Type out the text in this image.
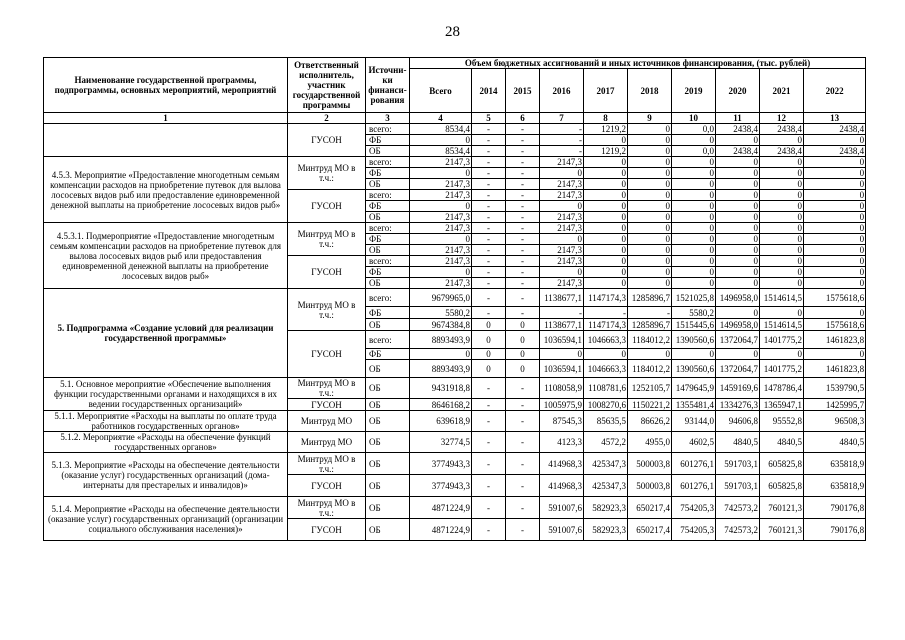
28
Наименование государственной программы, подпрограммы, основных мероприятий, мероприятий	Ответственный исполнитель, участник государственной программы	Источни-ки финанси-рования	Объем бюджетных ассигнований и иных источников финансирования, (тыс. рублей)									
			Всего	2014	2015	2016	2017	2018	2019	2020	2021	2022
1	2	3	4	5	6	7	8	9	10	11	12	13
	ГУСОН	всего:	8534,4	-	-	-	1219,2	0	0,0	2438,4	2438,4	2438,4
		ФБ	0	-	-	-	0	0	0	0	0	0
		ОБ	8534,4	-	-	-	1219,2	0	0,0	2438,4	2438,4	2438,4
4.5.3. Мероприятие «Предоставление многодетным семьям компенсации расходов на приобретение путевок для вылова лососевых видов рыб или предоставление единовременной денежной выплаты на приобретение лососевых видов рыб»	Минтруд МО в т.ч.:	всего:	2147,3	-	-	2147,3	0	0	0	0	0	0
		ФБ	0	-	-	0	0	0	0	0	0	0
		ОБ	2147,3	-	-	2147,3	0	0	0	0	0	0
	ГУСОН	всего:	2147,3	-	-	2147,3	0	0	0	0	0	0
		ФБ	0	-	-	0	0	0	0	0	0	0
		ОБ	2147,3	-	-	2147,3	0	0	0	0	0	0
4.5.3.1. Подмероприятие «Предоставление многодетным семьям компенсации расходов на приобретение путевок для вылова лососевых видов рыб или предоставления единовременной денежной выплаты на приобретение лососевых видов рыб»	Минтруд МО в т.ч.:	всего:	2147,3	-	-	2147,3	0	0	0	0	0	0
		ФБ	0	-	-	0	0	0	0	0	0	0
		ОБ	2147,3	-	-	2147,3	0	0	0	0	0	0
	ГУСОН	всего:	2147,3	-	-	2147,3	0	0	0	0	0	0
		ФБ	0	-	-	0	0	0	0	0	0	0
		ОБ	2147,3	-	-	2147,3	0	0	0	0	0	0
5. Подпрограмма «Создание условий для реализации государственной программы»	Минтруд МО в т.ч.:	всего:	9679965,0	-	-	1138677,1	1147174,3	1285896,7	1521025,8	1496958,0	1514614,5	1575618,6
		ФБ	5580,2	-	-	-	-	-	5580,2	0	0	0
		ОБ	9674384,8	0	0	1138677,1	1147174,3	1285896,7	1515445,6	1496958,0	1514614,5	1575618,6
	ГУСОН	всего:	8893493,9	0	0	1036594,1	1046663,3	1184012,2	1390560,6	1372064,7	1401775,2	1461823,8
		ФБ	0	0	0	0	0	0	0	0	0	0
		ОБ	8893493,9	0	0	1036594,1	1046663,3	1184012,2	1390560,6	1372064,7	1401775,2	1461823,8
5.1. Основное мероприятие «Обеспечение выполнения функции государственными органами и находящихся в их ведении государственных организаций»	Минтруд МО в т.ч.:	ОБ	9431918,8	-	-	1108058,9	1108781,6	1252105,7	1479645,9	1459169,6	1478786,4	1539790,5
	ГУСОН	ОБ	8646168,2	-	-	1005975,9	1008270,6	1150221,2	1355481,4	1334276,3	1365947,1	1425995,7
5.1.1. Мероприятие «Расходы на выплаты по оплате труда работников государственных органов»	Минтруд МО	ОБ	639618,9	-	-	87545,3	85635,5	86626,2	93144,0	94606,8	95552,8	96508,3
5.1.2. Мероприятие «Расходы на обеспечение функций государственных органов»	Минтруд МО	ОБ	32774,5	-	-	4123,3	4572,2	4955,0	4602,5	4840,5	4840,5	4840,5
5.1.3. Мероприятие «Расходы на обеспечение деятельности (оказание услуг) государственных организаций (дома-интернаты для престарелых и инвалидов)»	Минтруд МО в т.ч.:	ОБ	3774943,3	-	-	414968,3	425347,3	500003,8	601276,1	591703,1	605825,8	635818,9
	ГУСОН	ОБ	3774943,3	-	-	414968,3	425347,3	500003,8	601276,1	591703,1	605825,8	635818,9
5.1.4. Мероприятие «Расходы на обеспечение деятельности (оказание услуг) государственных организаций (организации социального обслуживания населения)»	Минтруд МО в т.ч.:	ОБ	4871224,9	-	-	591007,6	582923,3	650217,4	754205,3	742573,2	760121,3	790176,8
	ГУСОН	ОБ	4871224,9	-	-	591007,6	582923,3	650217,4	754205,3	742573,2	760121,3	790176,8
